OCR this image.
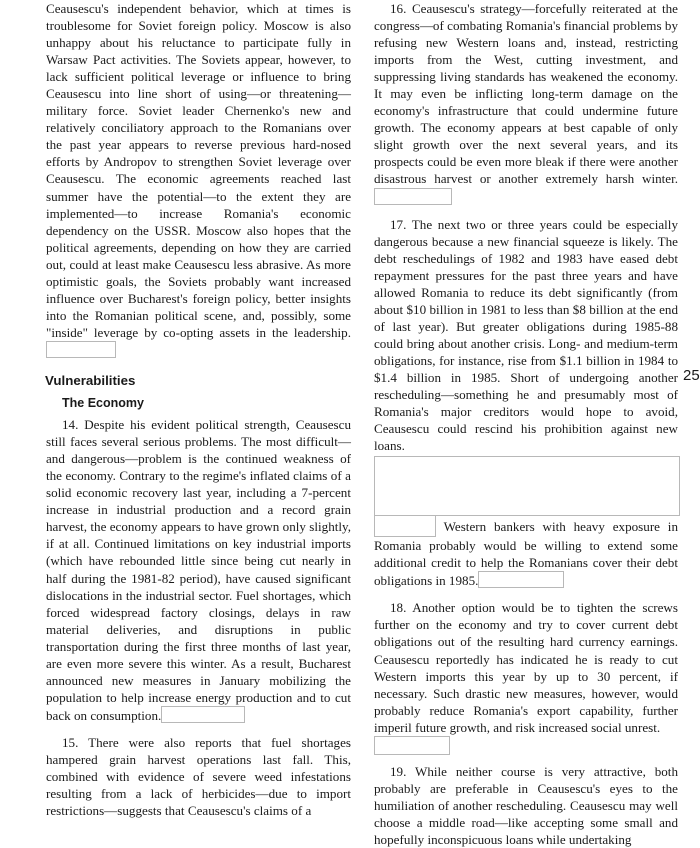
Ceausescu's independent behavior, which at times is troublesome for Soviet foreign policy. Moscow is also unhappy about his reluctance to participate fully in Warsaw Pact activities. The Soviets appear, however, to lack sufficient political leverage or influence to bring Ceausescu into line short of using—or threatening—military force. Soviet leader Chernenko's new and relatively conciliatory approach to the Romanians over the past year appears to reverse previous hard-nosed efforts by Andropov to strengthen Soviet leverage over Ceausescu. The economic agreements reached last summer have the potential—to the extent they are implemented—to increase Romania's economic dependency on the USSR. Moscow also hopes that the political agreements, depending on how they are carried out, could at least make Ceausescu less abrasive. As more optimistic goals, the Soviets probably want increased influence over Bucharest's foreign policy, better insights into the Romanian political scene, and, possibly, some "inside" leverage by co-opting assets in the leadership.

Vulnerabilities
The Economy

14. Despite his evident political strength, Ceausescu still faces several serious problems. The most difficult—and dangerous—problem is the continued weakness of the economy. Contrary to the regime's inflated claims of a solid economic recovery last year, including a 7-percent increase in industrial production and a record grain harvest, the economy appears to have grown only slightly, if at all. Continued limitations on key industrial imports (which have rebounded little since being cut nearly in half during the 1981-82 period), have caused significant dislocations in the industrial sector. Fuel shortages, which forced widespread factory closings, delays in raw material deliveries, and disruptions in public transportation during the first three months of last year, are even more severe this winter. As a result, Bucharest announced new measures in January mobilizing the population to help increase energy production and to cut back on consumption.

15. There were also reports that fuel shortages hampered grain harvest operations last fall. This, combined with evidence of severe weed infestations resulting from a lack of herbicides—due to import restrictions—suggests that Ceausescu's claims of a

16. Ceausescu's strategy—forcefully reiterated at the congress—of combating Romania's financial problems by refusing new Western loans and, instead, restricting imports from the West, cutting investment, and suppressing living standards has weakened the economy. It may even be inflicting long-term damage on the economy's infrastructure that could undermine future growth. The economy appears at best capable of only slight growth over the next several years, and its prospects could be even more bleak if there were another disastrous harvest or another extremely harsh winter.

17. The next two or three years could be especially dangerous because a new financial squeeze is likely. The debt reschedulings of 1982 and 1983 have eased debt repayment pressures for the past three years and have allowed Romania to reduce its debt significantly (from about $10 billion in 1981 to less than $8 billion at the end of last year). But greater obligations during 1985-88 could bring about another crisis. Long- and medium-term obligations, for instance, rise from $1.1 billion in 1984 to $1.4 billion in 1985. Short of undergoing another rescheduling—something he and presumably most of Romania's major creditors would hope to avoid, Ceausescu could rescind his prohibition against new loans.

Western bankers with heavy exposure in Romania probably would be willing to extend some additional credit to help the Romanians cover their debt obligations in 1985.

18. Another option would be to tighten the screws further on the economy and try to cover current debt obligations out of the resulting hard currency earnings. Ceausescu reportedly has indicated he is ready to cut Western imports this year by up to 30 percent, if necessary. Such drastic new measures, however, would probably reduce Romania's export capability, further imperil future growth, and risk increased social unrest.

19. While neither course is very attractive, both probably are preferable in Ceausescu's eyes to the humiliation of another rescheduling. Ceausescu may well choose a middle road—like accepting some small and hopefully inconspicuous loans while undertaking

25
